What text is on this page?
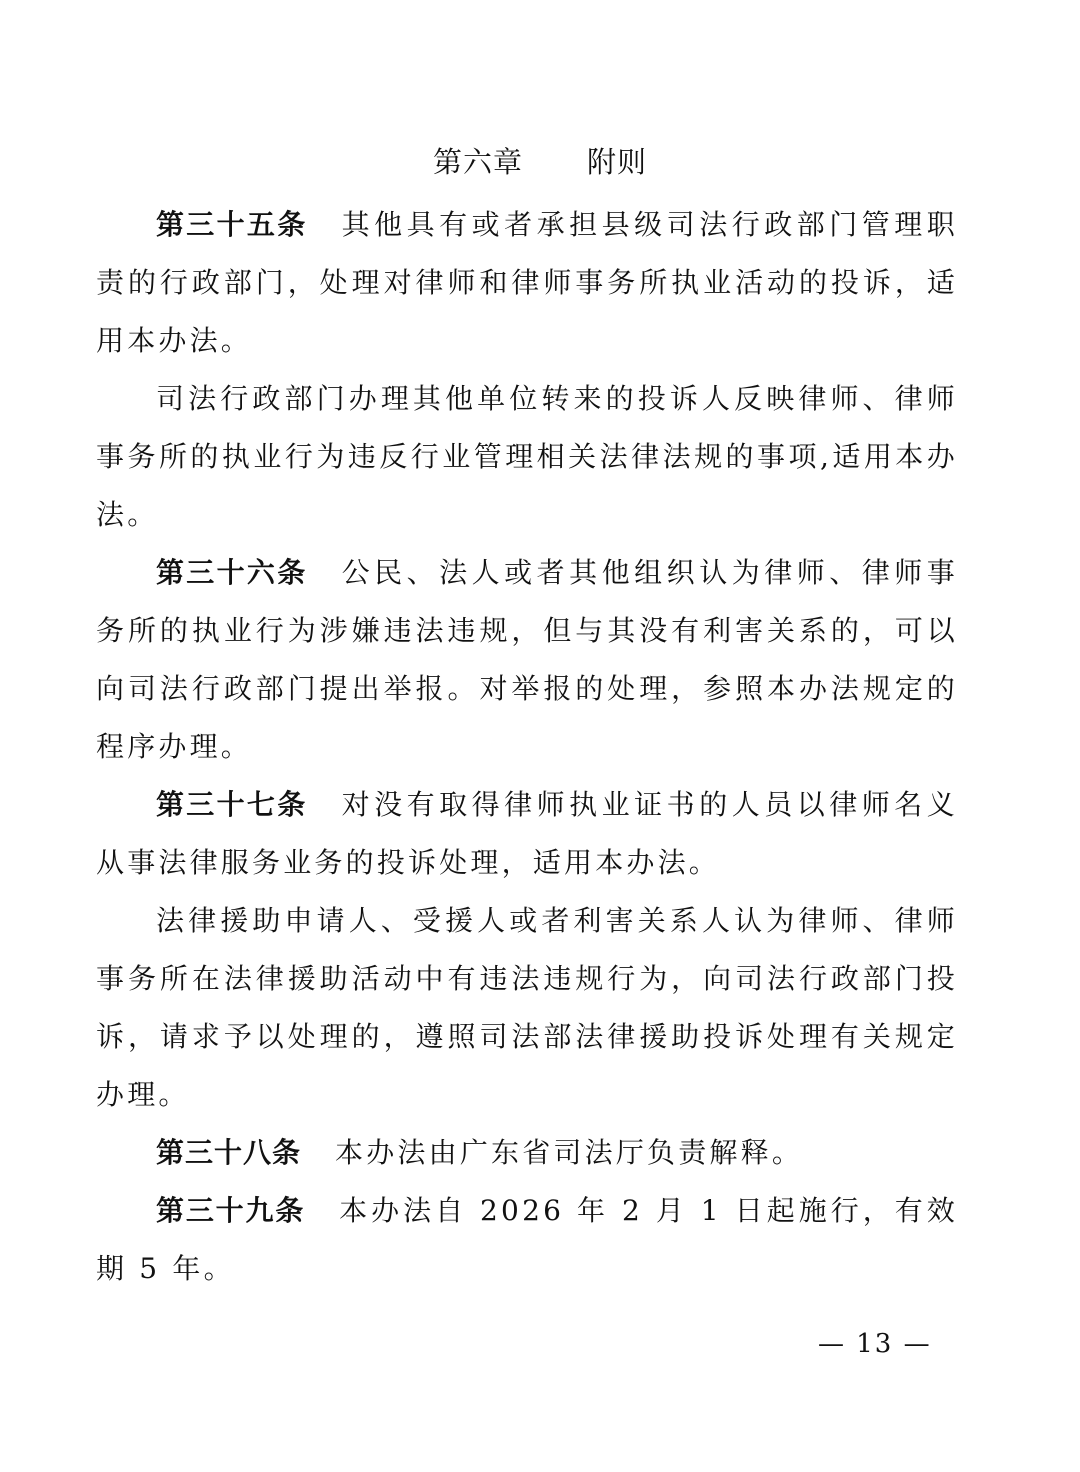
第六章 附则

第三十五条 其他具有或者承担县级司法行政部门管理职责的行政部门，处理对律师和律师事务所执业活动的投诉，适用本办法。

司法行政部门办理其他单位转来的投诉人反映律师、律师事务所的执业行为违反行业管理相关法律法规的事项,适用本办法。

第三十六条 公民、法人或者其他组织认为律师、律师事务所的执业行为涉嫌违法违规，但与其没有利害关系的，可以向司法行政部门提出举报。对举报的处理，参照本办法规定的程序办理。

第三十七条 对没有取得律师执业证书的人员以律师名义从事法律服务业务的投诉处理，适用本办法。

法律援助申请人、受援人或者利害关系人认为律师、律师事务所在法律援助活动中有违法违规行为，向司法行政部门投诉，请求予以处理的，遵照司法部法律援助投诉处理有关规定办理。

第三十八条 本办法由广东省司法厅负责解释。

第三十九条 本办法自 2026 年 2 月 1 日起施行，有效期 5 年。

— 13 —
